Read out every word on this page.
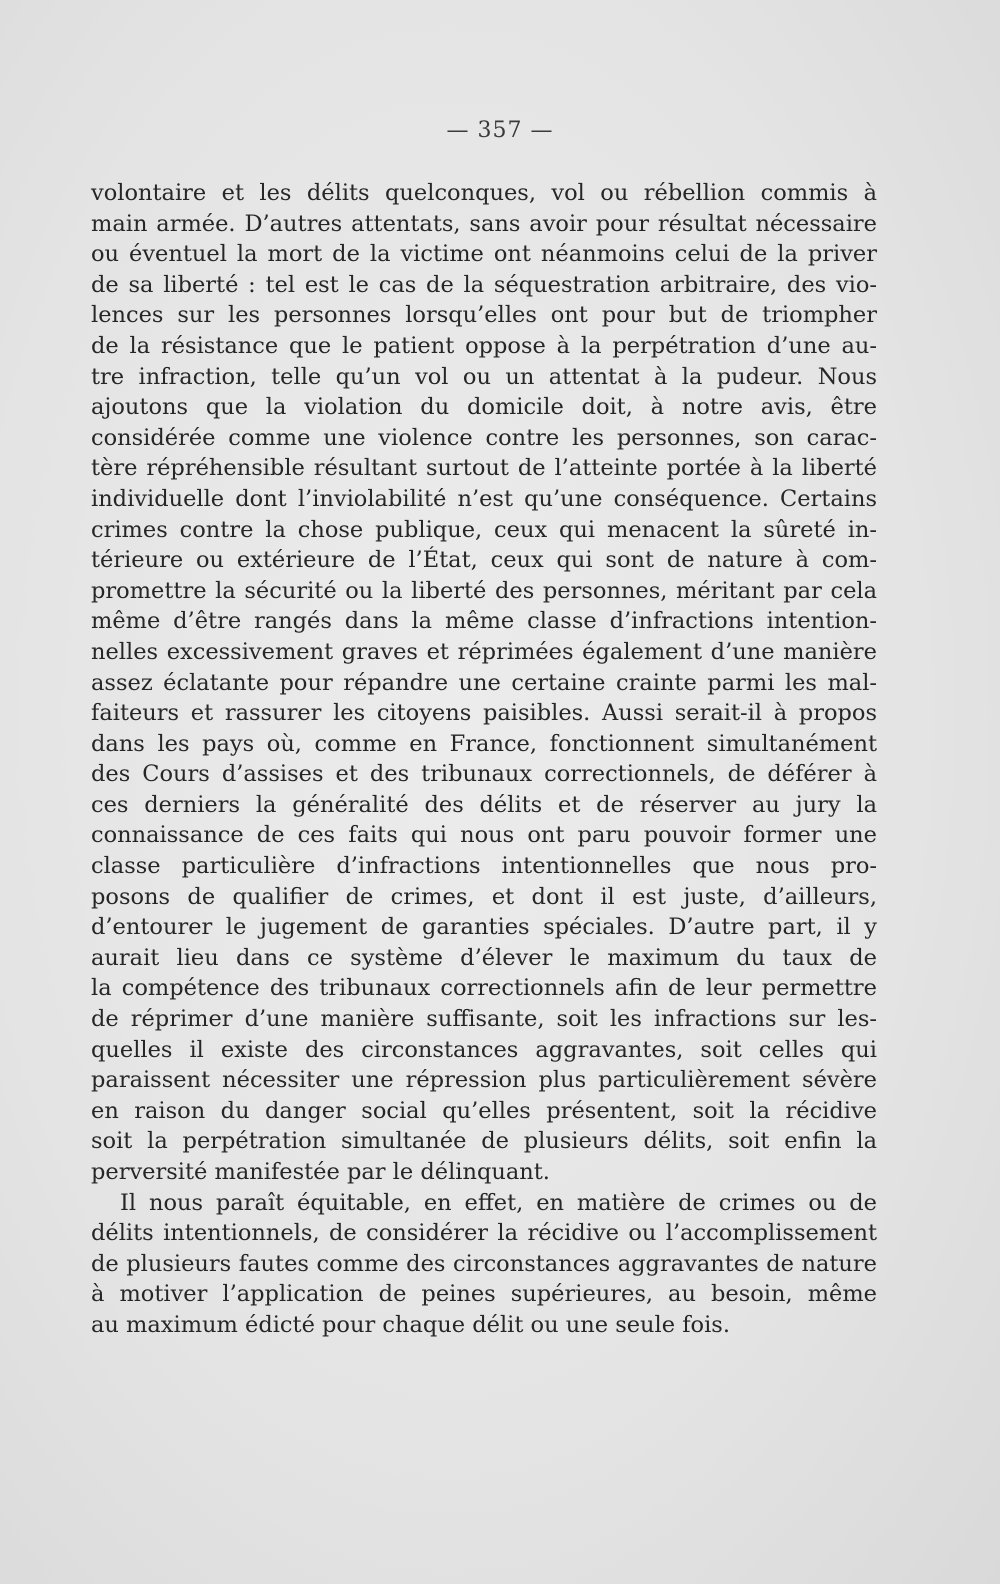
— 357 —
volontaire et les délits quelconques, vol ou rébellion commis à
main armée. D’autres attentats, sans avoir pour résultat nécessaire
ou éventuel la mort de la victime ont néanmoins celui de la priver
de sa liberté : tel est le cas de la séquestration arbitraire, des vio-
lences sur les personnes lorsqu’elles ont pour but de triompher
de la résistance que le patient oppose à la perpétration d’une au-
tre infraction, telle qu’un vol ou un attentat à la pudeur. Nous
ajoutons que la violation du domicile doit, à notre avis, être
considérée comme une violence contre les personnes, son carac-
tère répréhensible résultant surtout de l’atteinte portée à la liberté
individuelle dont l’inviolabilité n’est qu’une conséquence. Certains
crimes contre la chose publique, ceux qui menacent la sûreté in-
térieure ou extérieure de l’État, ceux qui sont de nature à com-
promettre la sécurité ou la liberté des personnes, méritant par cela
même d’être rangés dans la même classe d’infractions intention-
nelles excessivement graves et réprimées également d’une manière
assez éclatante pour répandre une certaine crainte parmi les mal-
faiteurs et rassurer les citoyens paisibles. Aussi serait-il à propos
dans les pays où, comme en France, fonctionnent simultanément
des Cours d’assises et des tribunaux correctionnels, de déférer à
ces derniers la généralité des délits et de réserver au jury la
connaissance de ces faits qui nous ont paru pouvoir former une
classe particulière d’infractions intentionnelles que nous pro-
posons de qualifier de crimes, et dont il est juste, d’ailleurs,
d’entourer le jugement de garanties spéciales. D’autre part, il y
aurait lieu dans ce système d’élever le maximum du taux de
la compétence des tribunaux correctionnels afin de leur permettre
de réprimer d’une manière suffisante, soit les infractions sur les-
quelles il existe des circonstances aggravantes, soit celles qui
paraissent nécessiter une répression plus particulièrement sévère
en raison du danger social qu’elles présentent, soit la récidive
soit la perpétration simultanée de plusieurs délits, soit enfin la
perversité manifestée par le délinquant.
Il nous paraît équitable, en effet, en matière de crimes ou de
délits intentionnels, de considérer la récidive ou l’accomplissement
de plusieurs fautes comme des circonstances aggravantes de nature
à motiver l’application de peines supérieures, au besoin, même
au maximum édicté pour chaque délit ou une seule fois.
